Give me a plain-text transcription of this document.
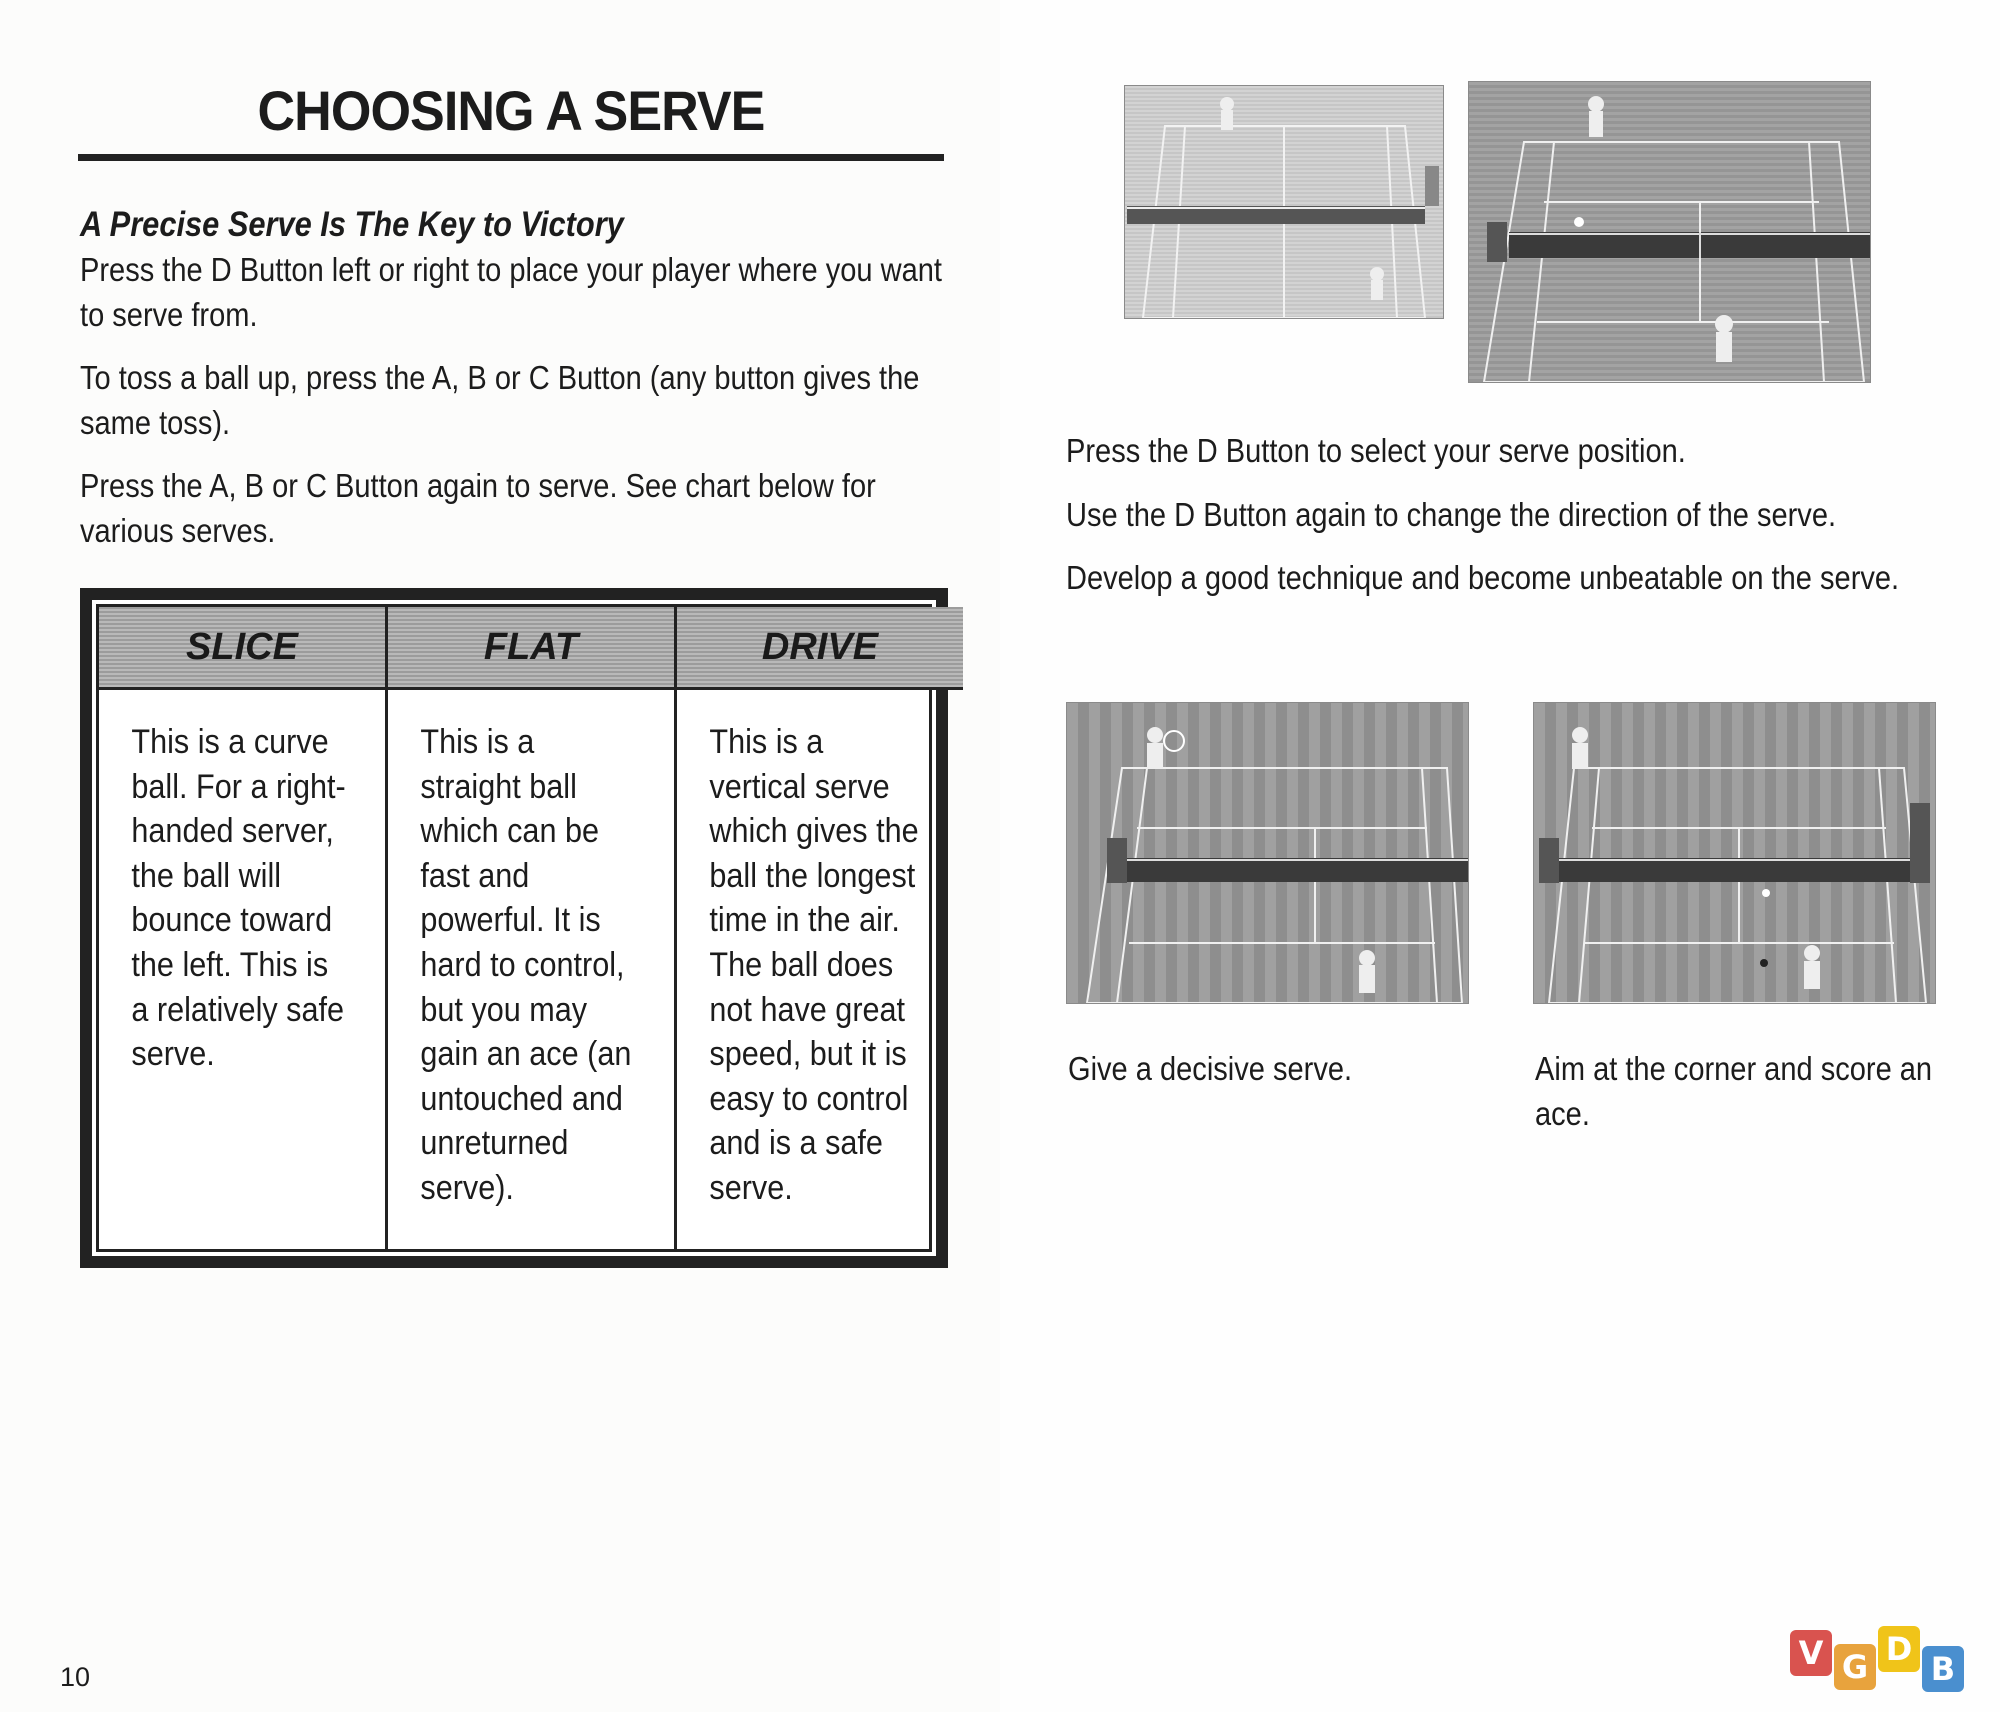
CHOOSING A SERVE
A Precise Serve Is The Key to Victory

Press the D Button left or right to place your player where you want to serve from.

To toss a ball up, press the A, B or C Button (any button gives the same toss).

Press the A, B or C Button again to serve. See chart below for various serves.

SLICE
This is a curve ball. For a right-handed server, the ball will bounce toward the left. This is a relatively safe serve.
FLAT
This is a straight ball which can be fast and powerful. It is hard to control, but you may gain an ace (an untouched and unreturned serve).
DRIVE
This is a vertical serve which gives the ball the longest time in the air. The ball does not have great speed, but it is easy to control and is a safe serve.
10

Press the D Button to select your serve position.

Use the D Button again to change the direction of the serve.

Develop a good technique and become unbeatable on the serve.

Give a decisive serve.	Aim at the corner and score an ace.

V G D
B
